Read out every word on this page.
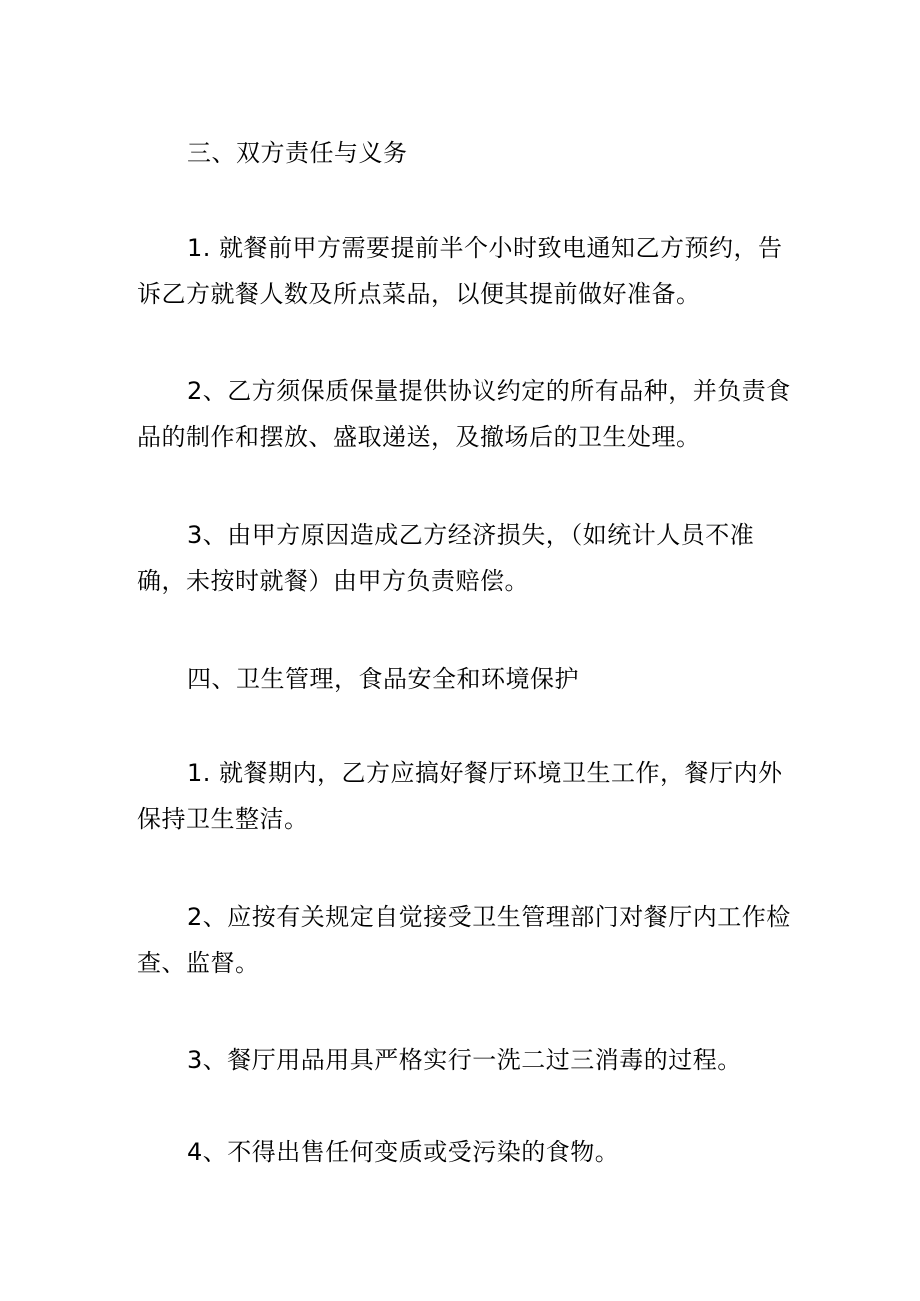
三、双方责任与义务

1. 就餐前甲方需要提前半个小时致电通知乙方预约，告诉乙方就餐人数及所点菜品，以便其提前做好准备。

2、乙方须保质保量提供协议约定的所有品种，并负责食品的制作和摆放、盛取递送，及撤场后的卫生处理。

3、由甲方原因造成乙方经济损失，（如统计人员不准确，未按时就餐）由甲方负责赔偿。

四、卫生管理，食品安全和环境保护

1. 就餐期内，乙方应搞好餐厅环境卫生工作，餐厅内外保持卫生整洁。

2、应按有关规定自觉接受卫生管理部门对餐厅内工作检查、监督。

3、餐厅用品用具严格实行一洗二过三消毒的过程。

4、不得出售任何变质或受污染的食物。
